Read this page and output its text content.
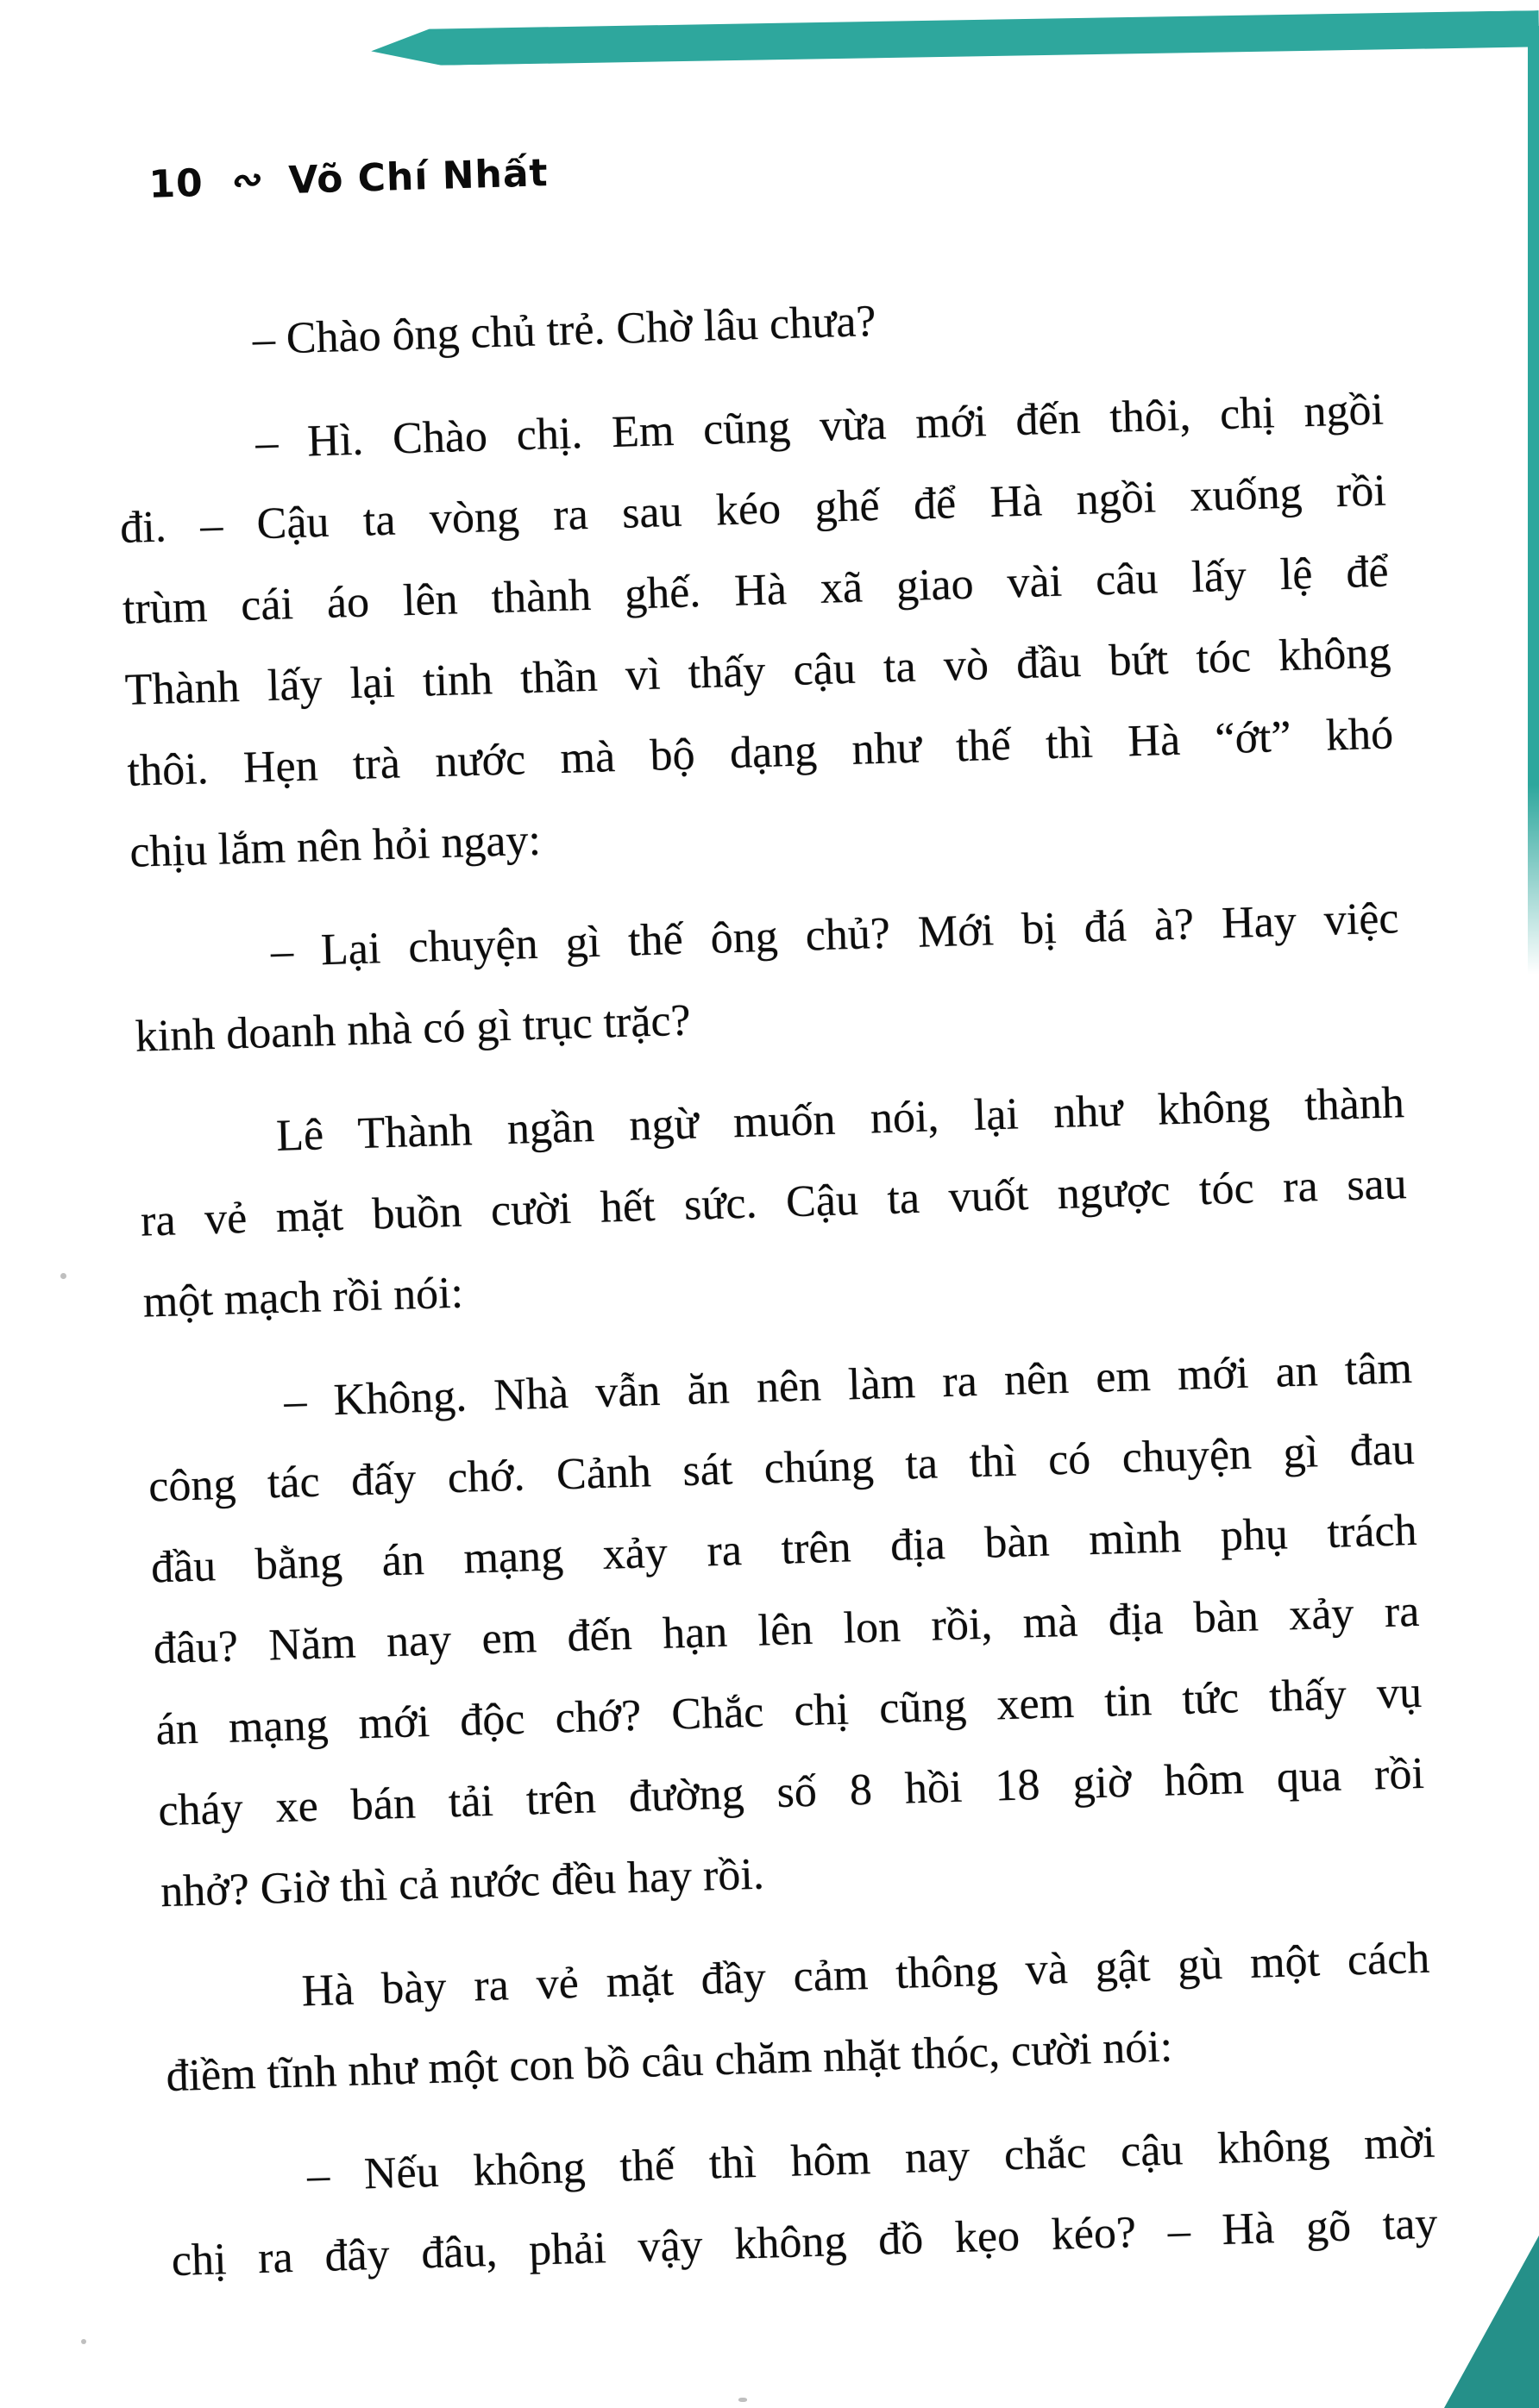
10 ∾ Võ Chí Nhất
– Chào ông chủ trẻ. Chờ lâu chưa?
– Hì. Chào chị. Em cũng vừa mới đến thôi, chị ngồi
đi. – Cậu ta vòng ra sau kéo ghế để Hà ngồi xuống rồi
trùm cái áo lên thành ghế. Hà xã giao vài câu lấy lệ để
Thành lấy lại tinh thần vì thấy cậu ta vò đầu bứt tóc không
thôi. Hẹn trà nước mà bộ dạng như thế thì Hà “ớt” khó
chịu lắm nên hỏi ngay:
– Lại chuyện gì thế ông chủ? Mới bị đá à? Hay việc
kinh doanh nhà có gì trục trặc?
Lê Thành ngần ngừ muốn nói, lại như không thành
ra vẻ mặt buồn cười hết sức. Cậu ta vuốt ngược tóc ra sau
một mạch rồi nói:
– Không. Nhà vẫn ăn nên làm ra nên em mới an tâm
công tác đấy chớ. Cảnh sát chúng ta thì có chuyện gì đau
đầu bằng án mạng xảy ra trên địa bàn mình phụ trách
đâu? Năm nay em đến hạn lên lon rồi, mà địa bàn xảy ra
án mạng mới độc chớ? Chắc chị cũng xem tin tức thấy vụ
cháy xe bán tải trên đường số 8 hồi 18 giờ hôm qua rồi
nhở? Giờ thì cả nước đều hay rồi.
Hà bày ra vẻ mặt đầy cảm thông và gật gù một cách
điềm tĩnh như một con bồ câu chăm nhặt thóc, cười nói:
– Nếu không thế thì hôm nay chắc cậu không mời
chị ra đây đâu, phải vậy không đồ kẹo kéo? – Hà gõ tay
